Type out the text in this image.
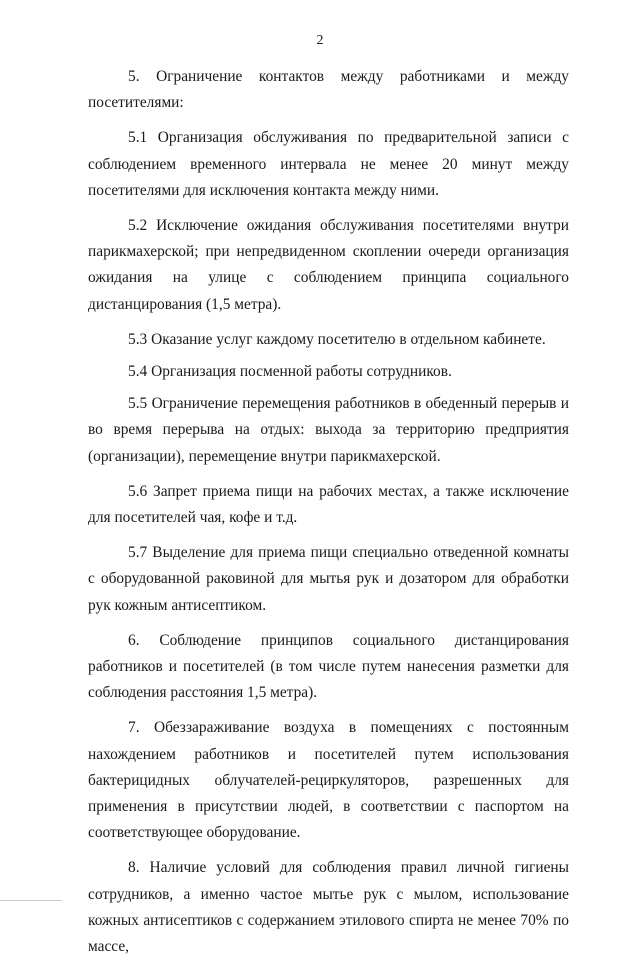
2

5. Ограничение контактов между работниками и между посетителями:

5.1 Организация обслуживания по предварительной записи с соблюдением временного интервала не менее 20 минут между посетителями для исключения контакта между ними.

5.2 Исключение ожидания обслуживания посетителями внутри парикмахерской; при непредвиденном скоплении очереди организация ожидания на улице с соблюдением принципа социального дистанцирования (1,5 метра).

5.3 Оказание услуг каждому посетителю в отдельном кабинете.

5.4 Организация посменной работы сотрудников.

5.5 Ограничение перемещения работников в обеденный перерыв и во время перерыва на отдых: выхода за территорию предприятия (организации), перемещение внутри парикмахерской.

5.6 Запрет приема пищи на рабочих местах, а также исключение для посетителей чая, кофе и т.д.

5.7 Выделение для приема пищи специально отведенной комнаты с оборудованной раковиной для мытья рук и дозатором для обработки рук кожным антисептиком.

6. Соблюдение принципов социального дистанцирования работников и посетителей (в том числе путем нанесения разметки для соблюдения расстояния 1,5 метра).

7. Обеззараживание воздуха в помещениях с постоянным нахождением работников и посетителей путем использования бактерицидных облучателей-рециркуляторов, разрешенных для применения в присутствии людей, в соответствии с паспортом на соответствующее оборудование.

8. Наличие условий для соблюдения правил личной гигиены сотрудников, а именно частое мытье рук с мылом, использование кожных антисептиков с содержанием этилового спирта не менее 70% по массе,
